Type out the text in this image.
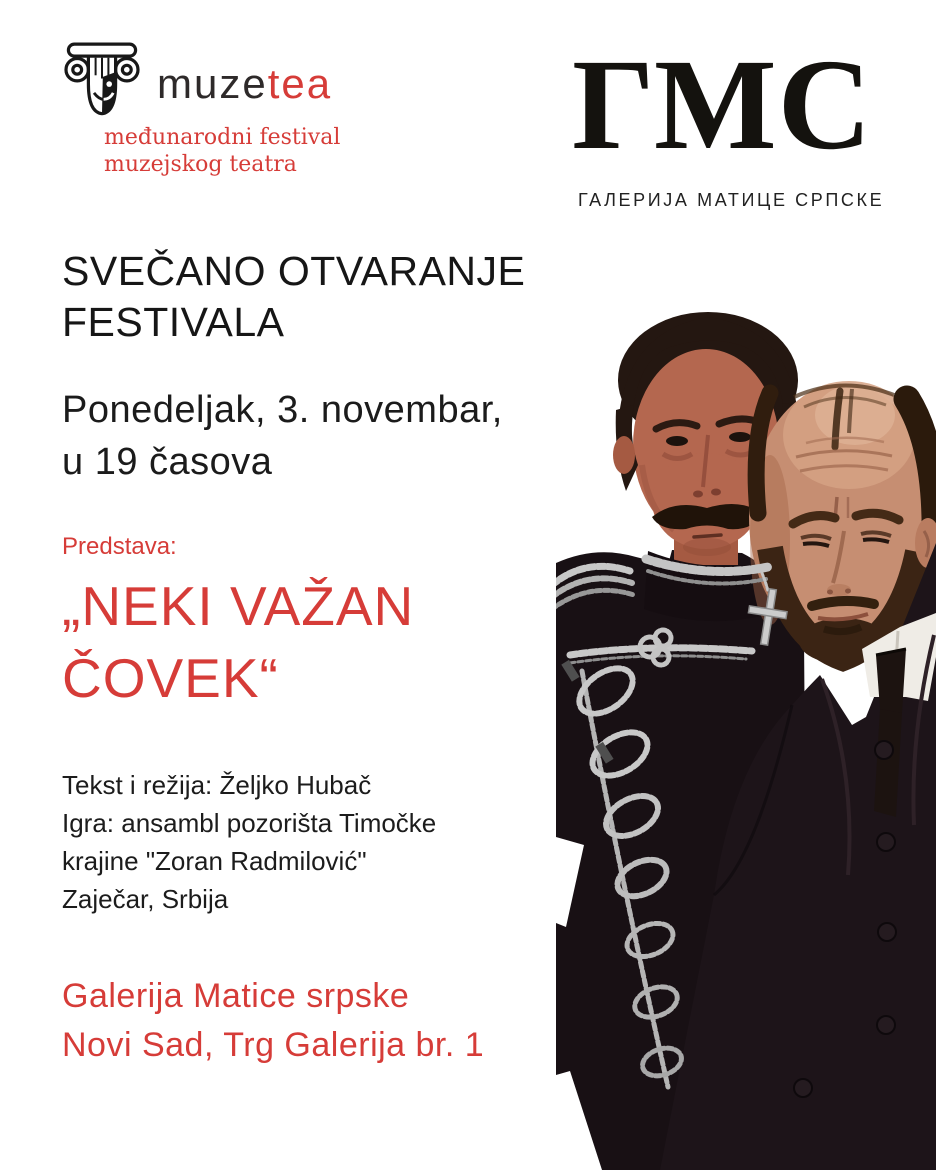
muzetea
međunarodni festival
muzejskog teatra	ГМС
ГАЛЕРИЈА МАТИЦЕ СРПСКЕ
SVEČANO OTVARANJE
FESTIVALA
Ponedeljak, 3. novembar,
u 19 časova
Predstava:
„NEKI VAŽAN
ČOVEK“
Tekst i režija: Željko Hubač
Igra: ansambl pozorišta Timočke
krajine "Zoran Radmilović"
Zaječar, Srbija
Galerija Matice srpske
Novi Sad, Trg Galerija br. 1
